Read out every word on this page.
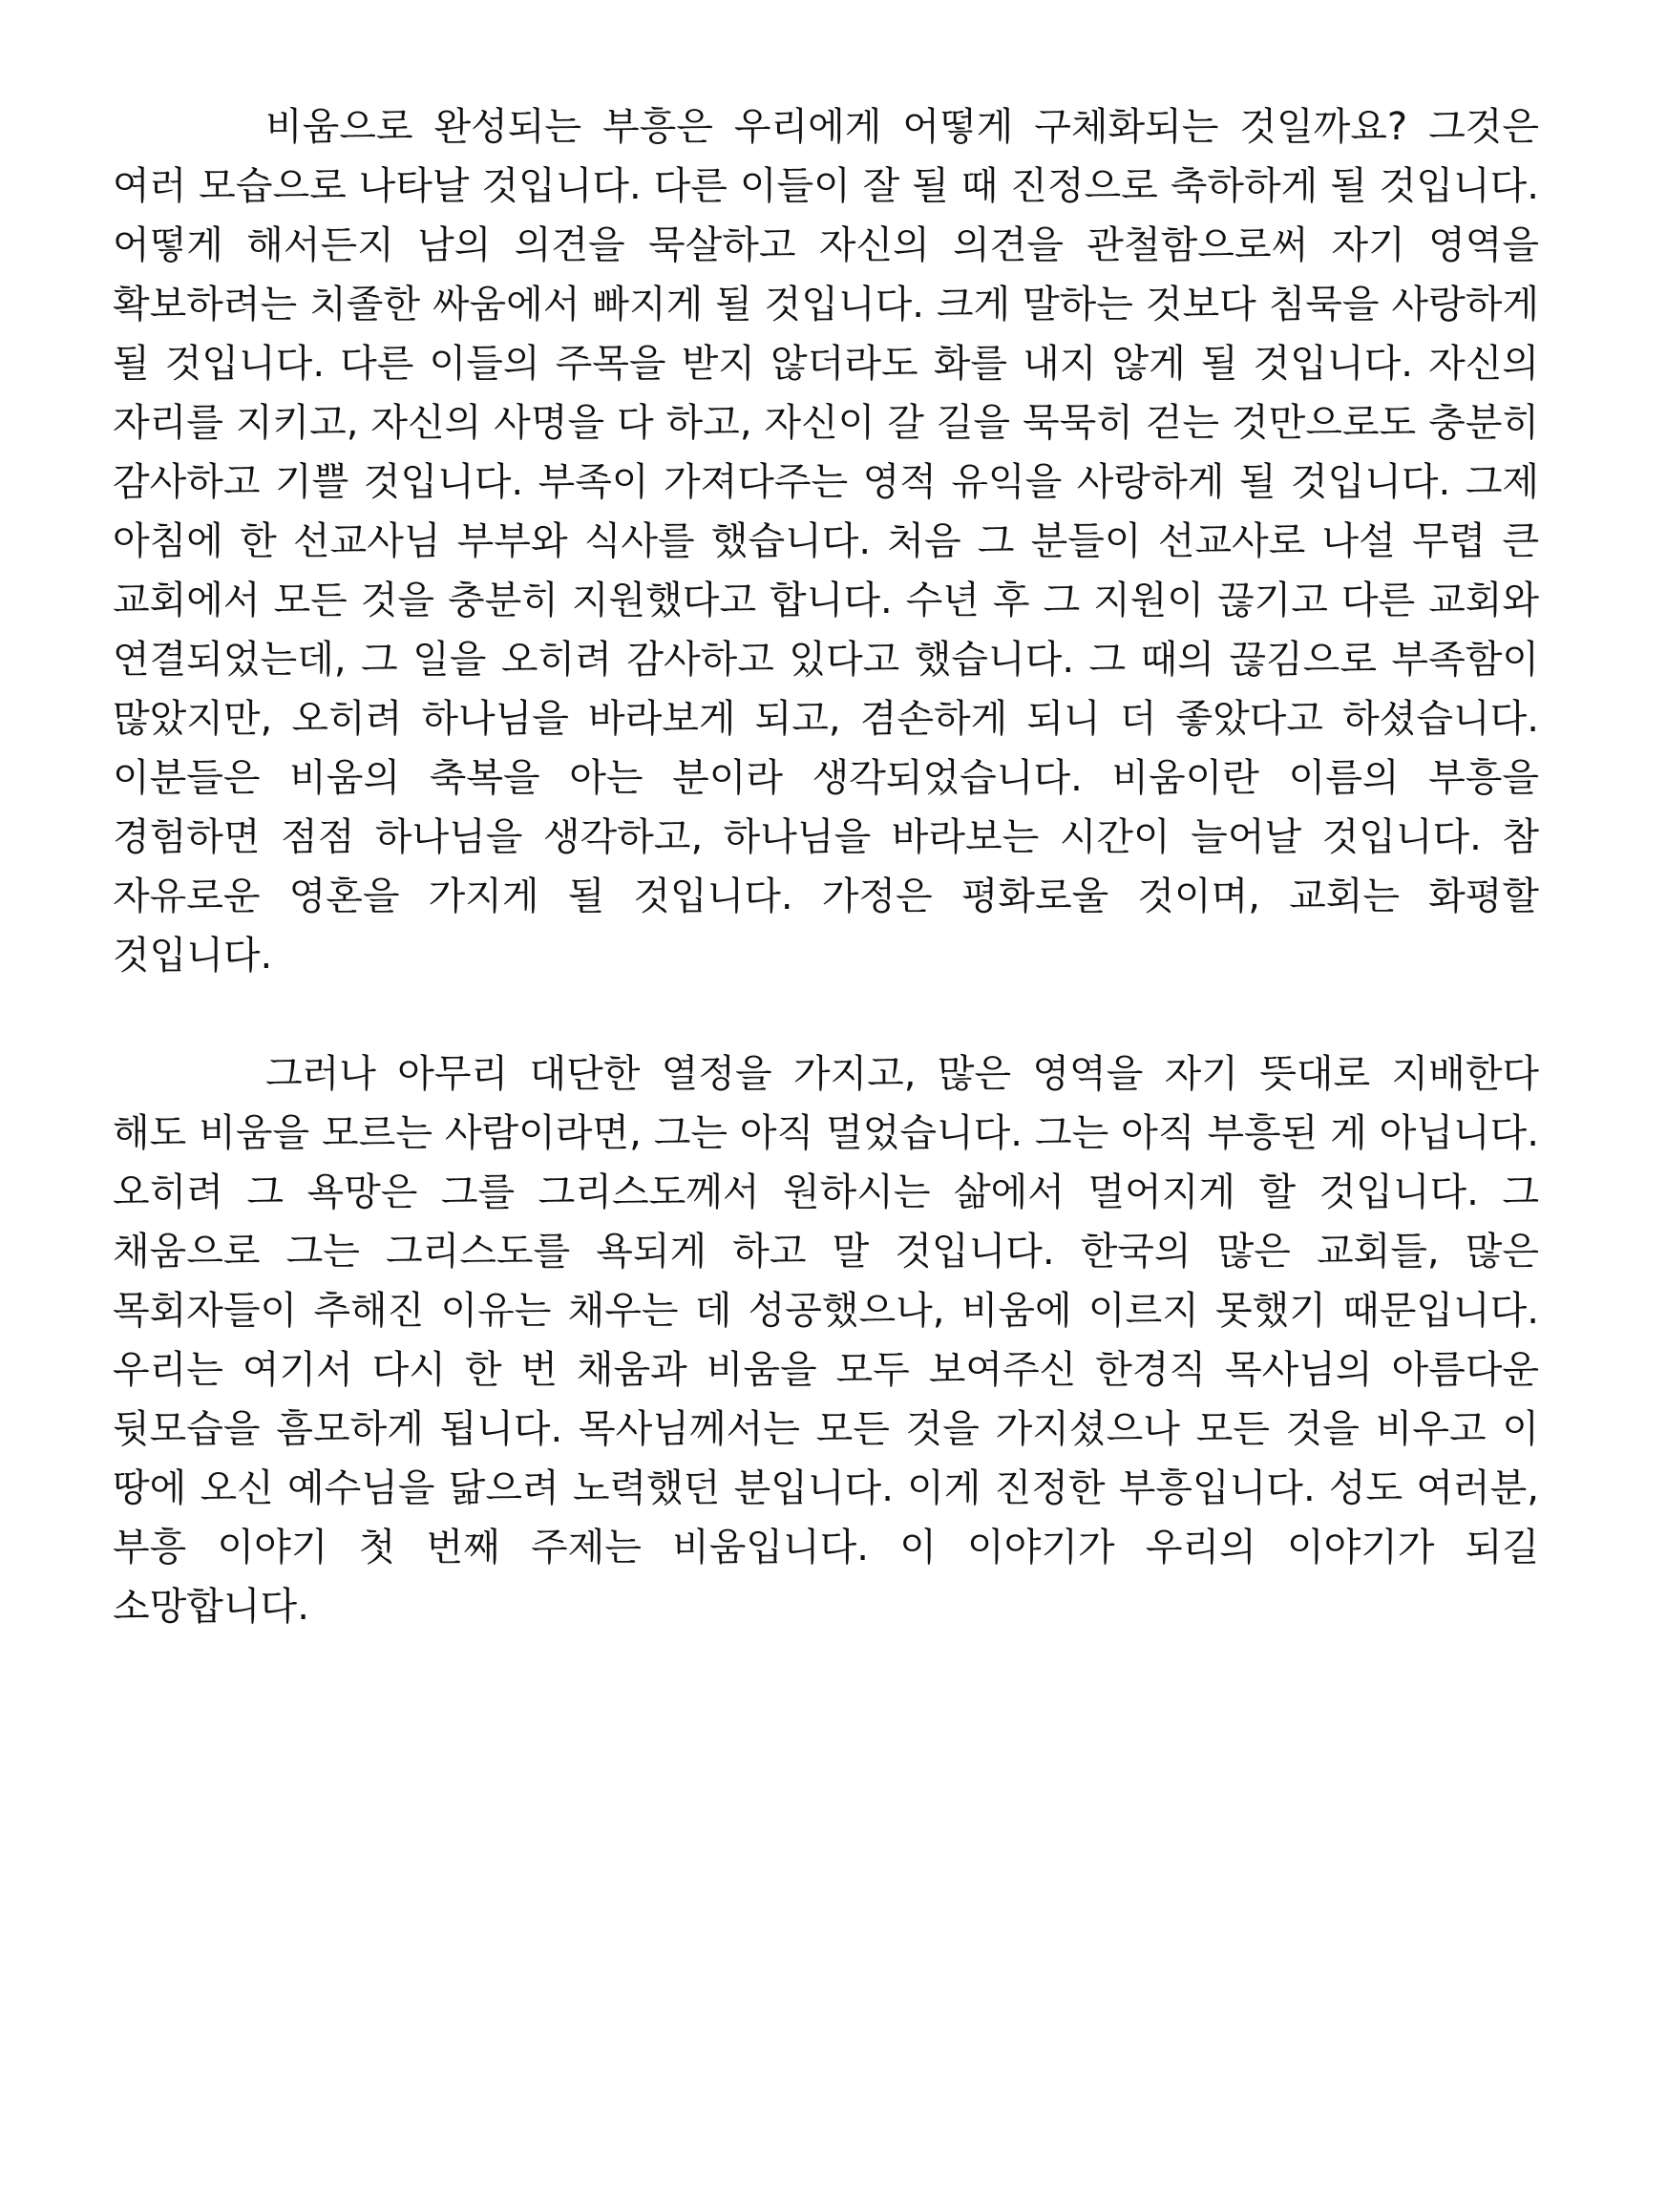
비움으로 완성되는 부흥은 우리에게 어떻게 구체화되는 것일까요? 그것은 여러 모습으로 나타날 것입니다. 다른 이들이 잘 될 때 진정으로 축하하게 될 것입니다. 어떻게 해서든지 남의 의견을 묵살하고 자신의 의견을 관철함으로써 자기 영역을 확보하려는 치졸한 싸움에서 빠지게 될 것입니다. 크게 말하는 것보다 침묵을 사랑하게 될 것입니다. 다른 이들의 주목을 받지 않더라도 화를 내지 않게 될 것입니다. 자신의 자리를 지키고, 자신의 사명을 다 하고, 자신이 갈 길을 묵묵히 걷는 것만으로도 충분히 감사하고 기쁠 것입니다. 부족이 가져다주는 영적 유익을 사랑하게 될 것입니다. 그제 아침에 한 선교사님 부부와 식사를 했습니다. 처음 그 분들이 선교사로 나설 무렵 큰 교회에서 모든 것을 충분히 지원했다고 합니다. 수년 후 그 지원이 끊기고 다른 교회와 연결되었는데, 그 일을 오히려 감사하고 있다고 했습니다. 그 때의 끊김으로 부족함이 많았지만, 오히려 하나님을 바라보게 되고, 겸손하게 되니 더 좋았다고 하셨습니다. 이분들은 비움의 축복을 아는 분이라 생각되었습니다. 비움이란 이름의 부흥을 경험하면 점점 하나님을 생각하고, 하나님을 바라보는 시간이 늘어날 것입니다. 참 자유로운 영혼을 가지게 될 것입니다. 가정은 평화로울 것이며, 교회는 화평할 것입니다.

그러나 아무리 대단한 열정을 가지고, 많은 영역을 자기 뜻대로 지배한다 해도 비움을 모르는 사람이라면, 그는 아직 멀었습니다. 그는 아직 부흥된 게 아닙니다. 오히려 그 욕망은 그를 그리스도께서 원하시는 삶에서 멀어지게 할 것입니다. 그 채움으로 그는 그리스도를 욕되게 하고 말 것입니다. 한국의 많은 교회들, 많은 목회자들이 추해진 이유는 채우는 데 성공했으나, 비움에 이르지 못했기 때문입니다. 우리는 여기서 다시 한 번 채움과 비움을 모두 보여주신 한경직 목사님의 아름다운 뒷모습을 흠모하게 됩니다. 목사님께서는 모든 것을 가지셨으나 모든 것을 비우고 이 땅에 오신 예수님을 닮으려 노력했던 분입니다. 이게 진정한 부흥입니다. 성도 여러분, 부흥 이야기 첫 번째 주제는 비움입니다. 이 이야기가 우리의 이야기가 되길 소망합니다.
